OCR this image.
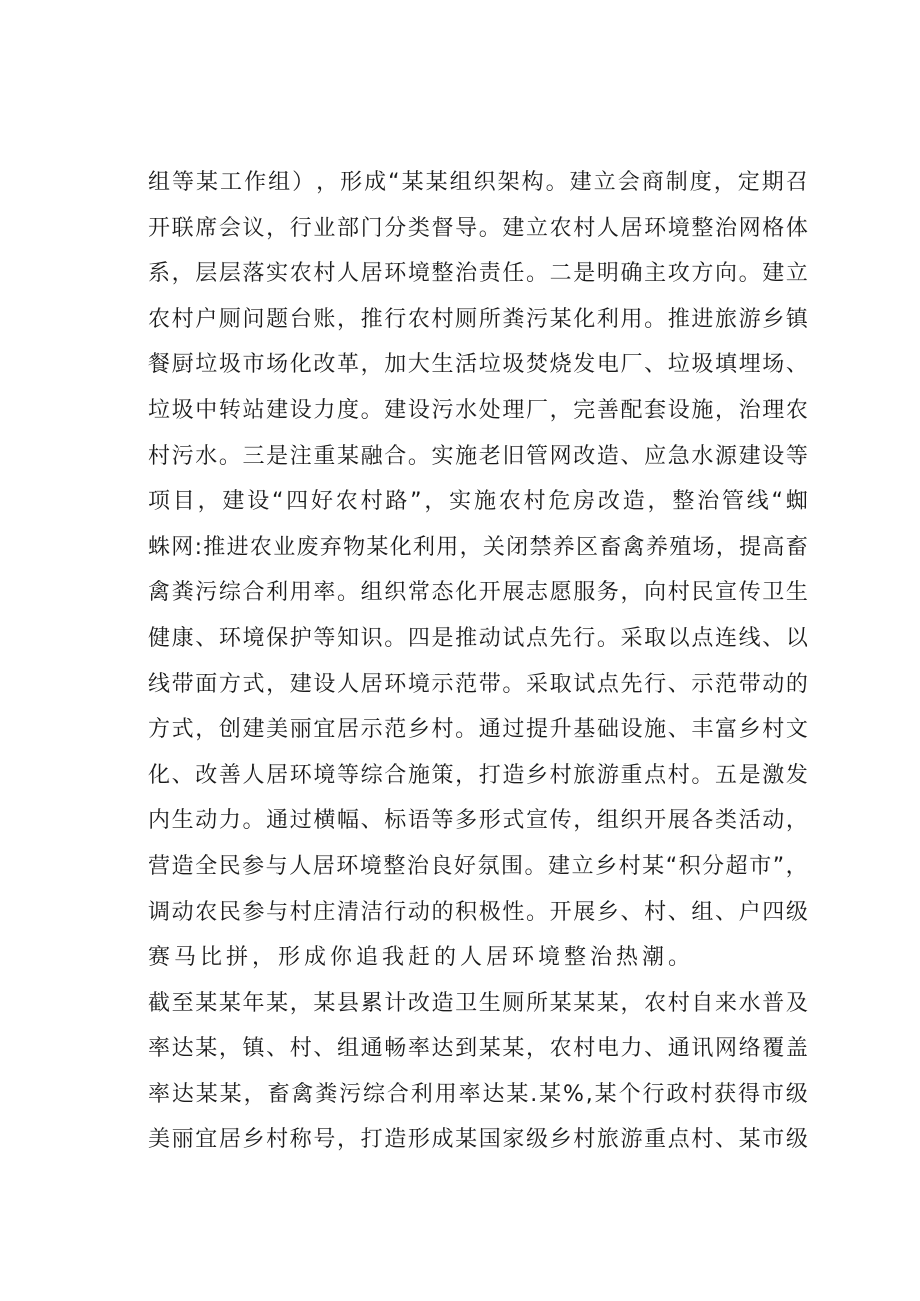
组 等 某 工 作 组 ） ， 形 成 “ 某 某 组 织 架 构 。 建 立 会 商 制 度 ， 定 期 召
开 联 席 会 议 ， 行 业 部 门 分 类 督 导 。 建 立 农 村 人 居 环 境 整 治 网 格 体
系 ， 层 层 落 实 农 村 人 居 环 境 整 治 责 任 。 二 是 明 确 主 攻 方 向 。 建 立
农 村 户 厕 问 题 台 账 ， 推 行 农 村 厕 所 粪 污 某 化 利 用 。 推 进 旅 游 乡 镇
餐 厨 垃 圾 市 场 化 改 革 ， 加 大 生 活 垃 圾 焚 烧 发 电 厂 、 垃 圾 填 埋 场 、
垃 圾 中 转 站 建 设 力 度 。 建 设 污 水 处 理 厂 ， 完 善 配 套 设 施 ， 治 理 农
村 污 水 。 三 是 注 重 某 融 合 。 实 施 老 旧 管 网 改 造 、 应 急 水 源 建 设 等
项 目 ， 建 设 “ 四 好 农 村 路 ” ， 实 施 农 村 危 房 改 造 ， 整 治 管 线 “ 蜘
蛛 网 : 推 进 农 业 废 弃 物 某 化 利 用 ， 关 闭 禁 养 区 畜 禽 养 殖 场 ， 提 高 畜
禽 粪 污 综 合 利 用 率 。 组 织 常 态 化 开 展 志 愿 服 务 ， 向 村 民 宣 传 卫 生
健 康 、 环 境 保 护 等 知 识 。 四 是 推 动 试 点 先 行 。 采 取 以 点 连 线 、 以
线 带 面 方 式 ， 建 设 人 居 环 境 示 范 带 。 采 取 试 点 先 行 、 示 范 带 动 的
方 式 ， 创 建 美 丽 宜 居 示 范 乡 村 。 通 过 提 升 基 础 设 施 、 丰 富 乡 村 文
化 、 改 善 人 居 环 境 等 综 合 施 策 ， 打 造 乡 村 旅 游 重 点 村 。 五 是 激 发
内 生 动 力 。 通 过 横 幅 、 标 语 等 多 形 式 宣 传 ， 组 织 开 展 各 类 活 动 ，
营 造 全 民 参 与 人 居 环 境 整 治 良 好 氛 围 。 建 立 乡 村 某 “ 积 分 超 市 ” ，
调 动 农 民 参 与 村 庄 清 洁 行 动 的 积 极 性 。 开 展 乡 、 村 、 组 、 户 四 级
赛马比拼，形成你追我赶的人居环境整治热潮。
截 至 某 某 年 某 ， 某 县 累 计 改 造 卫 生 厕 所 某 某 某 ， 农 村 自 来 水 普 及
率 达 某 ， 镇 、 村 、 组 通 畅 率 达 到 某 某 ， 农 村 电 力 、 通 讯 网 络 覆 盖
率 达 某 某 ， 畜 禽 粪 污 综 合 利 用 率 达 某 . 某 % , 某 个 行 政 村 获 得 市 级
美 丽 宜 居 乡 村 称 号 ， 打 造 形 成 某 国 家 级 乡 村 旅 游 重 点 村 、 某 市 级
